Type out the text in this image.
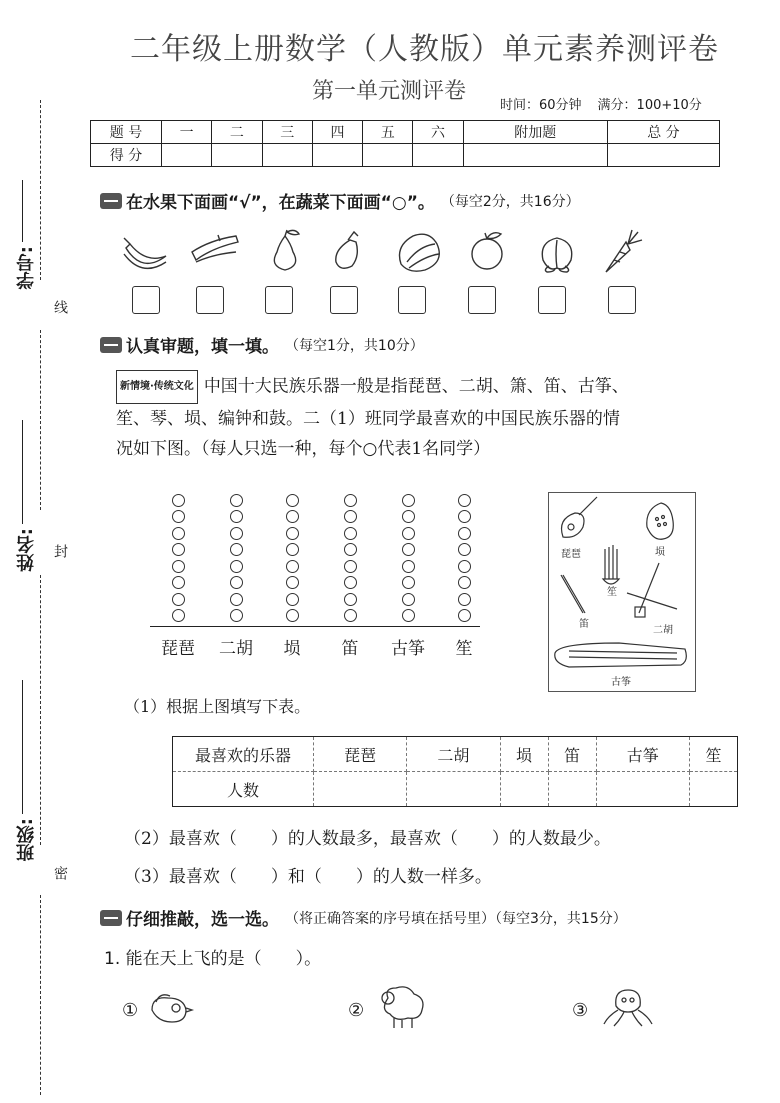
二年级上册数学（人教版）单元素养测评卷
第一单元测评卷
时间：60分钟 满分：100+10分
学号:
姓名:
班级:
线
封
密
题 号	一	二	三	四	五	六	附加题	总 分
得 分								
在水果下面画“√”，在蔬菜下面画“○”。 （每空2分，共16分）
认真审题，填一填。 （每空1分，共10分）
新情境·传统文化 中国十大民族乐器一般是指琵琶、二胡、箫、笛、古筝、
笙、琴、埙、编钟和鼓。二（1）班同学最喜欢的中国民族乐器的情
况如下图。（每人只选一种，每个○代表1名同学）
琵琶	二胡	埙	笛	古筝	笙
琵琶	埙
笛
笙
二胡
古筝
（1）根据上图填写下表。
最喜欢的乐器	琵琶	二胡	埙	笛	古筝	笙
人数						
（2）最喜欢（　　）的人数最多，最喜欢（　　）的人数最少。
（3）最喜欢（　　）和（　　）的人数一样多。
仔细推敲，选一选。 （将正确答案的序号填在括号里）（每空3分，共15分）
1. 能在天上飞的是（　　）。
①	②	③
